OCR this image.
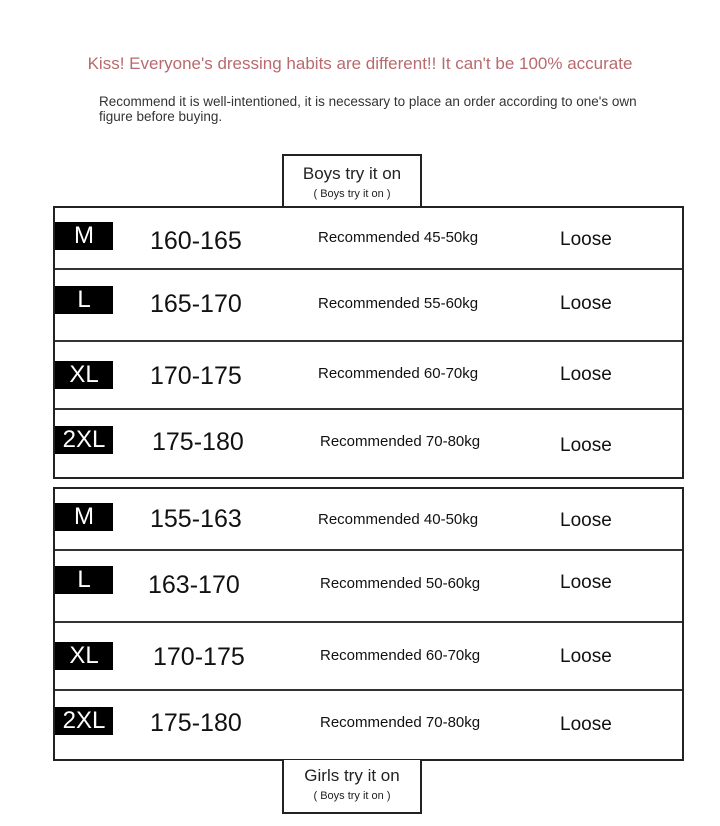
Kiss! Everyone's dressing habits are different!! It can't be 100% accurate
Recommend it is well-intentioned, it is necessary to place an order according to one's own figure before buying.
Boys try it on
( Boys try it on )
M	160-165	Recommended 45-50kg	Loose
L	165-170	Recommended 55-60kg	Loose
XL	170-175	Recommended 60-70kg	Loose
2XL	175-180	Recommended 70-80kg	Loose
M	155-163	Recommended 40-50kg	Loose
L	163-170	Recommended 50-60kg	Loose
XL	170-175	Recommended 60-70kg	Loose
2XL	175-180	Recommended 70-80kg	Loose
Girls try it on
( Boys try it on )
